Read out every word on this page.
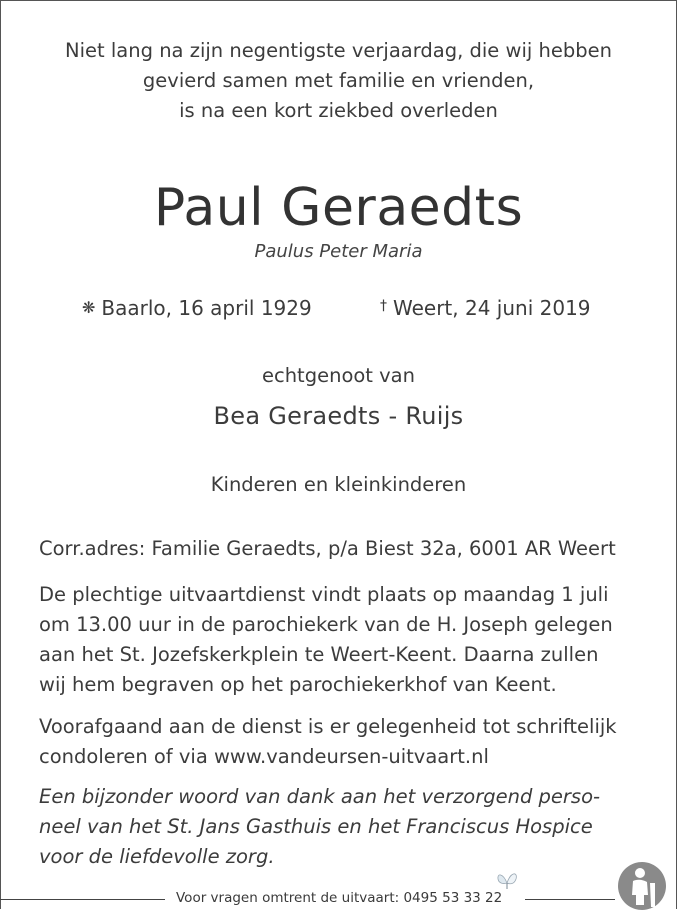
Niet lang na zijn negentigste verjaardag, die wij hebben
gevierd samen met familie en vrienden,
is na een kort ziekbed overleden
Paul Geraedts
Paulus Peter Maria
❋ Baarlo, 16 april 1929	† Weert, 24 juni 2019
echtgenoot van
Bea Geraedts - Ruijs
Kinderen en kleinkinderen

Corr.adres: Familie Geraedts, p/a Biest 32a, 6001 AR Weert

De plechtige uitvaartdienst vindt plaats op maandag 1 juli
om 13.00 uur in de parochiekerk van de H. Joseph gelegen
aan het St. Jozefskerkplein te Weert-Keent. Daarna zullen
wij hem begraven op het parochiekerkhof van Keent.

Voorafgaand aan de dienst is er gelegenheid tot schriftelijk
condoleren of via www.vandeursen-uitvaart.nl

Een bijzonder woord van dank aan het verzorgend perso-
neel van het St. Jans Gasthuis en het Franciscus Hospice
voor de liefdevolle zorg.

Voor vragen omtrent de uitvaart: 0495 53 33 22
